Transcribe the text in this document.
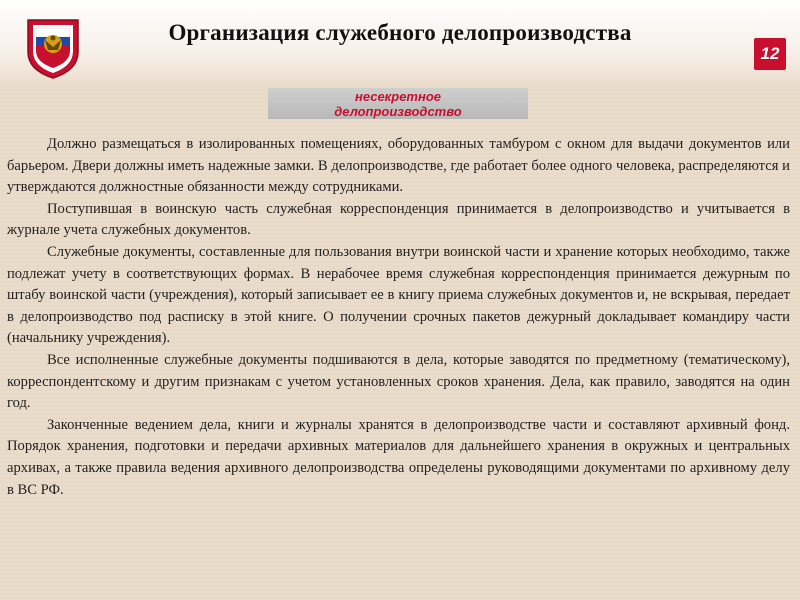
Организация служебного делопроизводства
12
несекретное
делопроизводство

Должно размещаться в изолированных помещениях, оборудованных тамбуром с окном для выдачи документов или барьером. Двери должны иметь надежные замки. В делопроизводстве, где работает более одного человека, распределяются и утверждаются должностные обязанности между сотрудниками.

Поступившая в воинскую часть служебная корреспонденция принимается в делопроизводство и учитывается в журнале учета служебных документов.

Служебные документы, составленные для пользования внутри воинской части и хранение которых необходимо, также подлежат учету в соответствующих формах. В нерабочее время служебная корреспонденция принимается дежурным по штабу воинской части (учреждения), который записывает ее в книгу приема служебных документов и, не вскрывая, передает в делопроизводство под расписку в этой книге. О получении срочных пакетов дежурный докладывает командиру части (начальнику учреждения).

Все исполненные служебные документы подшиваются в дела, которые заводятся по предметному (тематическому), корреспондентскому и другим признакам с учетом установленных сроков хранения. Дела, как правило, заводятся на один год.

Законченные ведением дела, книги и журналы хранятся в делопроизводстве части и составляют архивный фонд. Порядок хранения, подготовки и передачи архивных материалов для дальнейшего хранения в окружных и центральных архивах, а также правила ведения архивного делопроизводства определены руководящими документами по архивному делу в ВС РФ.
